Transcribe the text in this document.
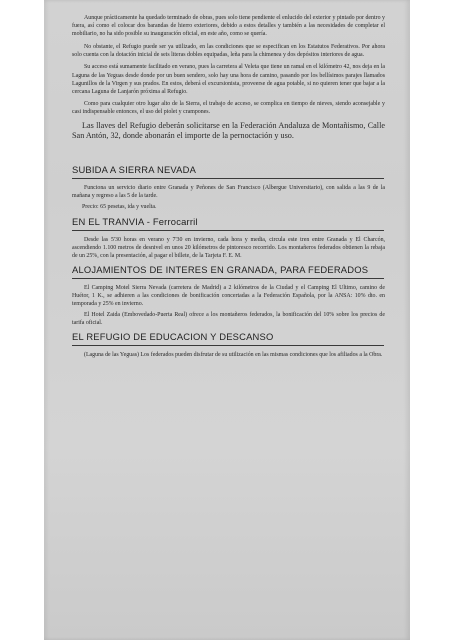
Aunque prácticamente ha quedado terminado de obras, pues solo tiene pendiente el enlucido del exterior y pintado por dentro y fuera, así como el colocar dos barandas de hierro exteriores, debido a estos detalles y también a las necesidades de completar el mobiliario, no ha sido posible su inauguración oficial, en este año, como se quería.

No obstante, el Refugio puede ser ya utilizado, en las condiciones que se especifican en los Estatutos Federativos. Por ahora solo cuenta con la dotación inicial de seis literas dobles equipadas, leña para la chimenea y dos depósitos interiores de agua.

Su acceso está sumamente facilitado en verano, pues la carretera al Veleta que tiene un ramal en el kilómetro 42, nos deja en la Laguna de las Yeguas desde donde por un buen sendero, solo hay una hora de camino, pasando por los bellísimos parajes llamados Lagunillos de la Virgen y sus prados. En estos, deberá el excursionista, proveerse de agua potable, si no quieren tener que bajar a la cercana Laguna de Lanjarón próxima al Refugio.

Como para cualquier otro lugar alto de la Sierra, el trabajo de acceso, se complica en tiempo de nieves, siendo aconsejable y casi indispensable entonces, el uso del piolet y crampones.

Las llaves del Refugio deberán solicitarse en la Federación Andaluza de Montañismo, Calle San Antón, 32, donde abonarán el importe de la pernoctación y uso.

SUBIDA A SIERRA NEVADA

Funciona un servicio diario entre Granada y Peñones de San Francisco (Albergue Universitario), con salida a las 9 de la mañana y regreso a las 5 de la tarde.

Precio: 65 pesetas, ida y vuelta.

EN EL TRANVIA - Ferrocarril

Desde las 5'30 horas en verano y 7'30 en invierno, cada hora y media, circula este tren entre Granada y El Charcón, ascendiendo 1.100 metros de desnivel en unos 20 kilómetros de pintoresco recorrido. Los montañeros federados obtienen la rebaja de un 25%, con la presentación, al pagar el billete, de la Tarjeta F. E. M.

ALOJAMIENTOS DE INTERES EN GRANADA, PARA FEDERADOS

El Camping Motel Sierra Nevada (carretera de Madrid) a 2 kilómetros de la Ciudad y el Camping El Ultimo, camino de Huétor, 1 K., se adhieren a las condiciones de bonificación concertadas a la Federación Española, por la ANSA: 10% dto. en temporada y 25% en invierno.

El Hotel Zaida (Embovedado-Puerta Real) ofrece a los montañeros federados, la bonificación del 10% sobre los precios de tarifa oficial.

EL REFUGIO DE EDUCACION Y DESCANSO

(Laguna de las Yeguas) Los federados pueden disfrutar de su utilización en las mismas condiciones que los afiliados a la Obra.
